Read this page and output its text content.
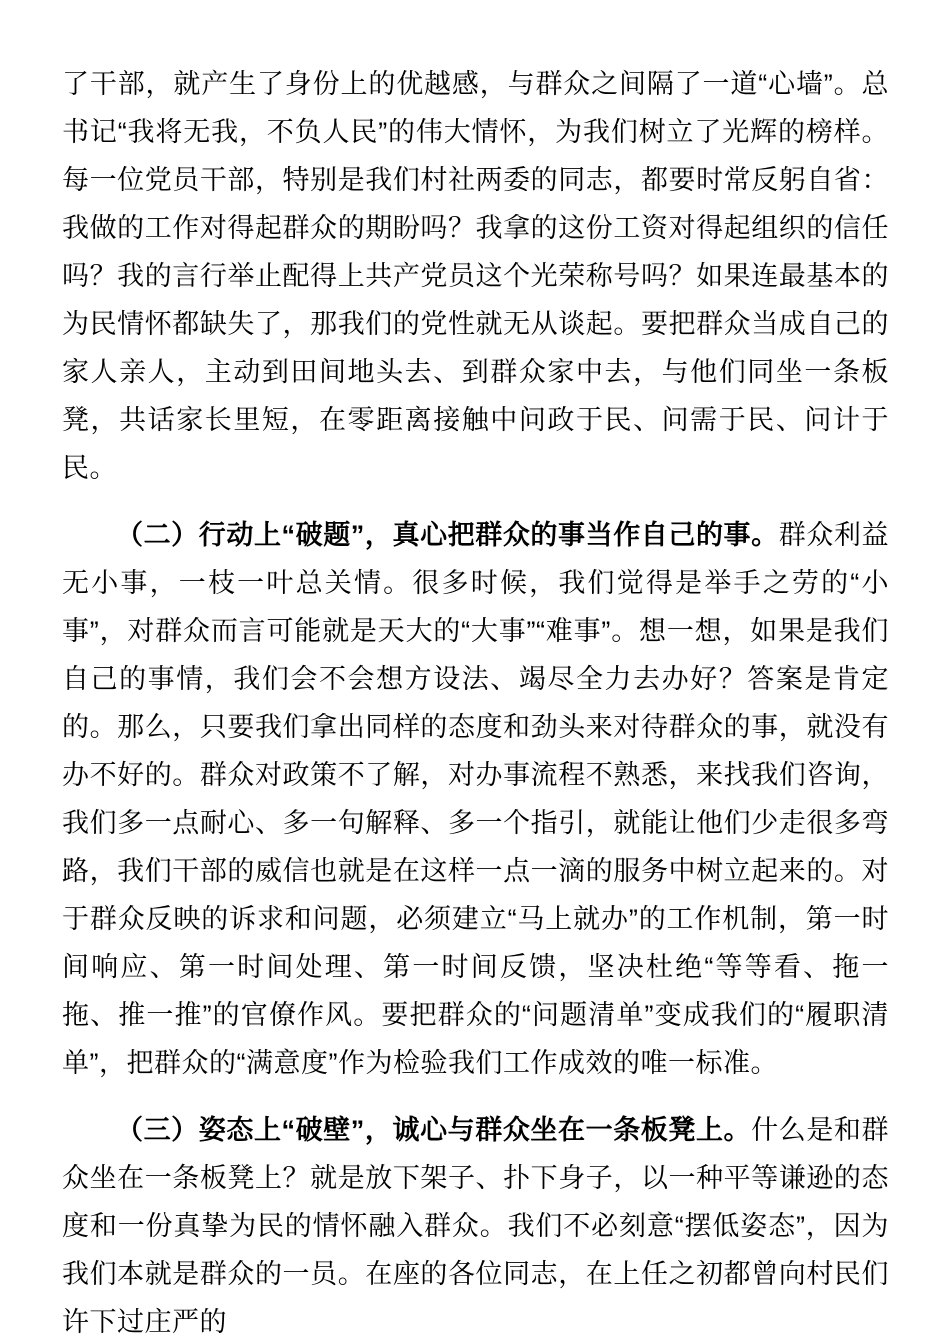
了干部，就产生了身份上的优越感，与群众之间隔了一道“心墙”。总书记“我将无我，不负人民”的伟大情怀，为我们树立了光辉的榜样。每一位党员干部，特别是我们村社两委的同志，都要时常反躬自省：我做的工作对得起群众的期盼吗？我拿的这份工资对得起组织的信任吗？我的言行举止配得上共产党员这个光荣称号吗？如果连最基本的为民情怀都缺失了，那我们的党性就无从谈起。要把群众当成自己的家人亲人，主动到田间地头去、到群众家中去，与他们同坐一条板凳，共话家长里短，在零距离接触中问政于民、问需于民、问计于民。

（二）行动上“破题”，真心把群众的事当作自己的事。群众利益无小事，一枝一叶总关情。很多时候，我们觉得是举手之劳的“小事”，对群众而言可能就是天大的“大事”“难事”。想一想，如果是我们自己的事情，我们会不会想方设法、竭尽全力去办好？答案是肯定的。那么，只要我们拿出同样的态度和劲头来对待群众的事，就没有办不好的。群众对政策不了解，对办事流程不熟悉，来找我们咨询，我们多一点耐心、多一句解释、多一个指引，就能让他们少走很多弯路，我们干部的威信也就是在这样一点一滴的服务中树立起来的。对于群众反映的诉求和问题，必须建立“马上就办”的工作机制，第一时间响应、第一时间处理、第一时间反馈，坚决杜绝“等等看、拖一拖、推一推”的官僚作风。要把群众的“问题清单”变成我们的“履职清单”，把群众的“满意度”作为检验我们工作成效的唯一标准。

（三）姿态上“破壁”，诚心与群众坐在一条板凳上。什么是和群众坐在一条板凳上？就是放下架子、扑下身子，以一种平等谦逊的态度和一份真挚为民的情怀融入群众。我们不必刻意“摆低姿态”，因为我们本就是群众的一员。在座的各位同志，在上任之初都曾向村民们许下过庄严的
